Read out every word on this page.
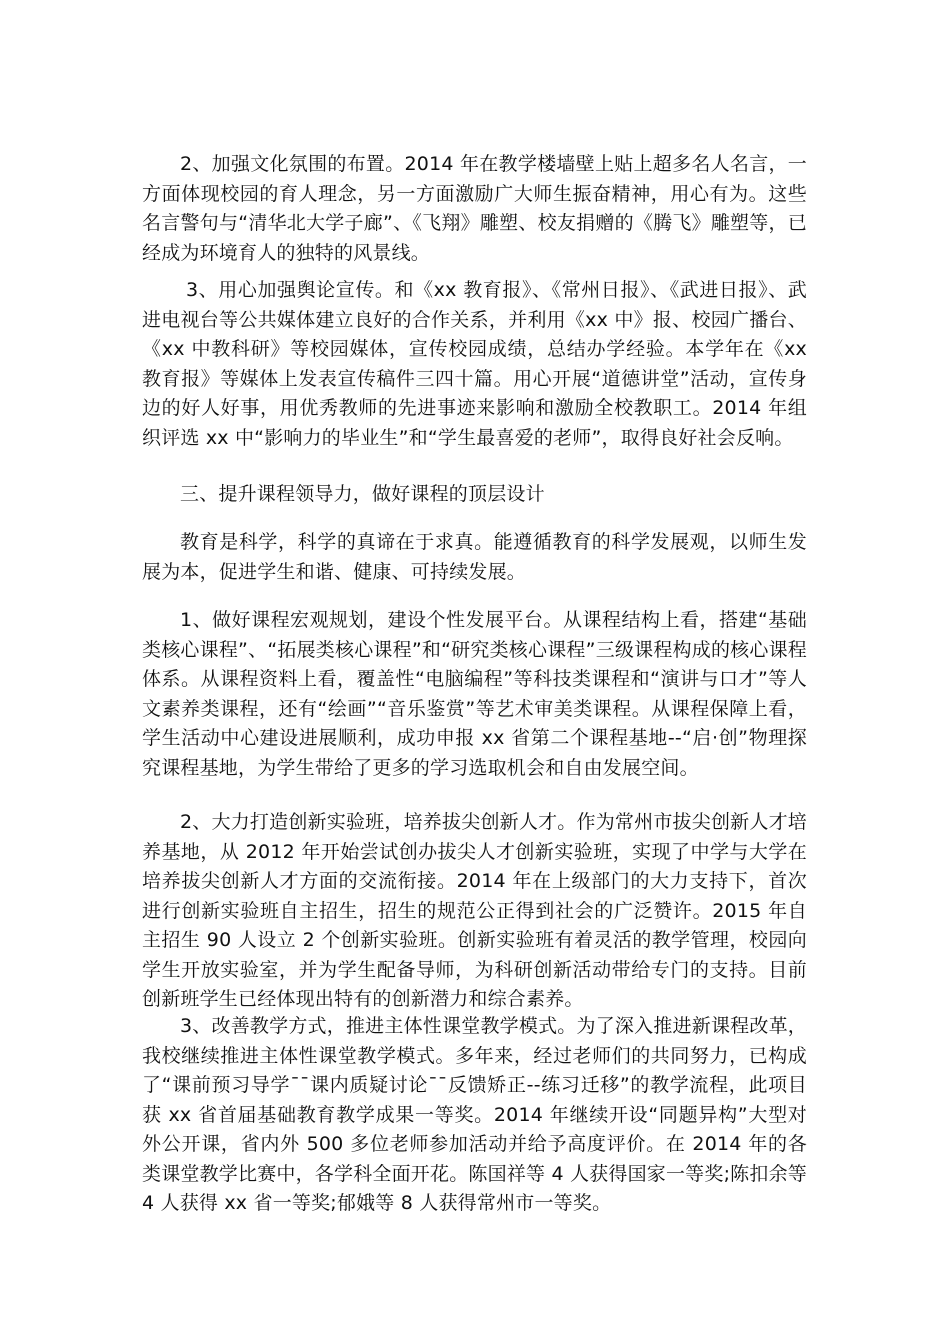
2、加强文化氛围的布置。2014 年在教学楼墙壁上贴上超多名人名言，一方面体现校园的育人理念，另一方面激励广大师生振奋精神，用心有为。这些名言警句与“清华北大学子廊”、《飞翔》雕塑、校友捐赠的《腾飞》雕塑等，已经成为环境育人的独特的风景线。

3、用心加强舆论宣传。和《xx 教育报》、《常州日报》、《武进日报》、武进电视台等公共媒体建立良好的合作关系，并利用《xx 中》报、校园广播台、《xx 中教科研》等校园媒体，宣传校园成绩，总结办学经验。本学年在《xx 教育报》等媒体上发表宣传稿件三四十篇。用心开展“道德讲堂”活动，宣传身边的好人好事，用优秀教师的先进事迹来影响和激励全校教职工。2014 年组织评选 xx 中“影响力的毕业生”和“学生最喜爱的老师”，取得良好社会反响。

三、提升课程领导力，做好课程的顶层设计

教育是科学，科学的真谛在于求真。能遵循教育的科学发展观，以师生发展为本，促进学生和谐、健康、可持续发展。

1、做好课程宏观规划，建设个性发展平台。从课程结构上看，搭建“基础类核心课程”、“拓展类核心课程”和“研究类核心课程”三级课程构成的核心课程体系。从课程资料上看，覆盖性“电脑编程”等科技类课程和“演讲与口才”等人文素养类课程，还有“绘画”“音乐鉴赏”等艺术审美类课程。从课程保障上看，学生活动中心建设进展顺利，成功申报 xx 省第二个课程基地--“启·创”物理探究课程基地，为学生带给了更多的学习选取机会和自由发展空间。

2、大力打造创新实验班，培养拔尖创新人才。作为常州市拔尖创新人才培养基地，从 2012 年开始尝试创办拔尖人才创新实验班，实现了中学与大学在培养拔尖创新人才方面的交流衔接。2014 年在上级部门的大力支持下，首次进行创新实验班自主招生，招生的规范公正得到社会的广泛赞许。2015 年自主招生 90 人设立 2 个创新实验班。创新实验班有着灵活的教学管理，校园向学生开放实验室，并为学生配备导师，为科研创新活动带给专门的支持。目前创新班学生已经体现出特有的创新潜力和综合素养。

3、改善教学方式，推进主体性课堂教学模式。为了深入推进新课程改革，我校继续推进主体性课堂教学模式。多年来，经过老师们的共同努力，已构成了“课前预习导学¯¯课内质疑讨论¯¯反馈矫正--练习迁移”的教学流程，此项目获 xx 省首届基础教育教学成果一等奖。2014 年继续开设“同题异构”大型对外公开课，省内外 500 多位老师参加活动并给予高度评价。在 2014 年的各类课堂教学比赛中，各学科全面开花。陈国祥等 4 人获得国家一等奖;陈扣余等 4 人获得 xx 省一等奖;郁娥等 8 人获得常州市一等奖。
